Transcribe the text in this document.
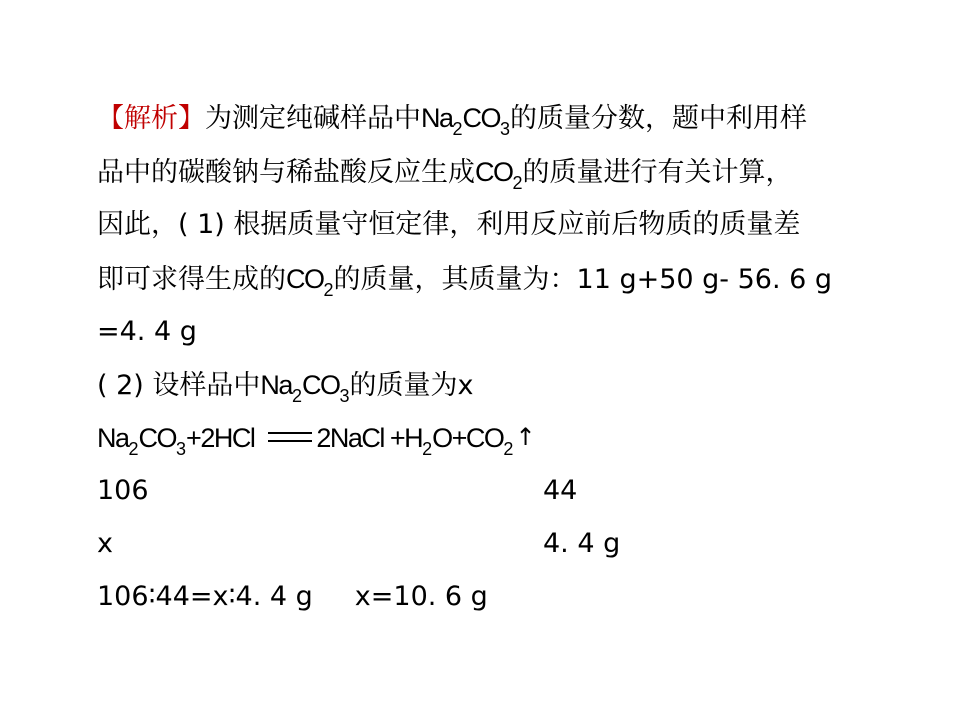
【解析】为测定纯碱样品中$Na_2CO_3$的质量分数，题中利用样
品中的碳酸钠与稀盐酸反应生成$CO_2$的质量进行有关计算，
因此，( 1) 根据质量守恒定律，利用反应前后物质的质量差
即可求得生成的$CO_2$的质量，其质量为：11 g+50 g- 56. 6 g
=4. 4 g
( 2) 设样品中$Na_2CO_3$的质量为x
$Na_2CO_3+2HCl$ 2NaCl $+H_2O+CO_2↑$
106	44
x	4. 4 g
106∶44=x∶4. 4 g x=10. 6 g
